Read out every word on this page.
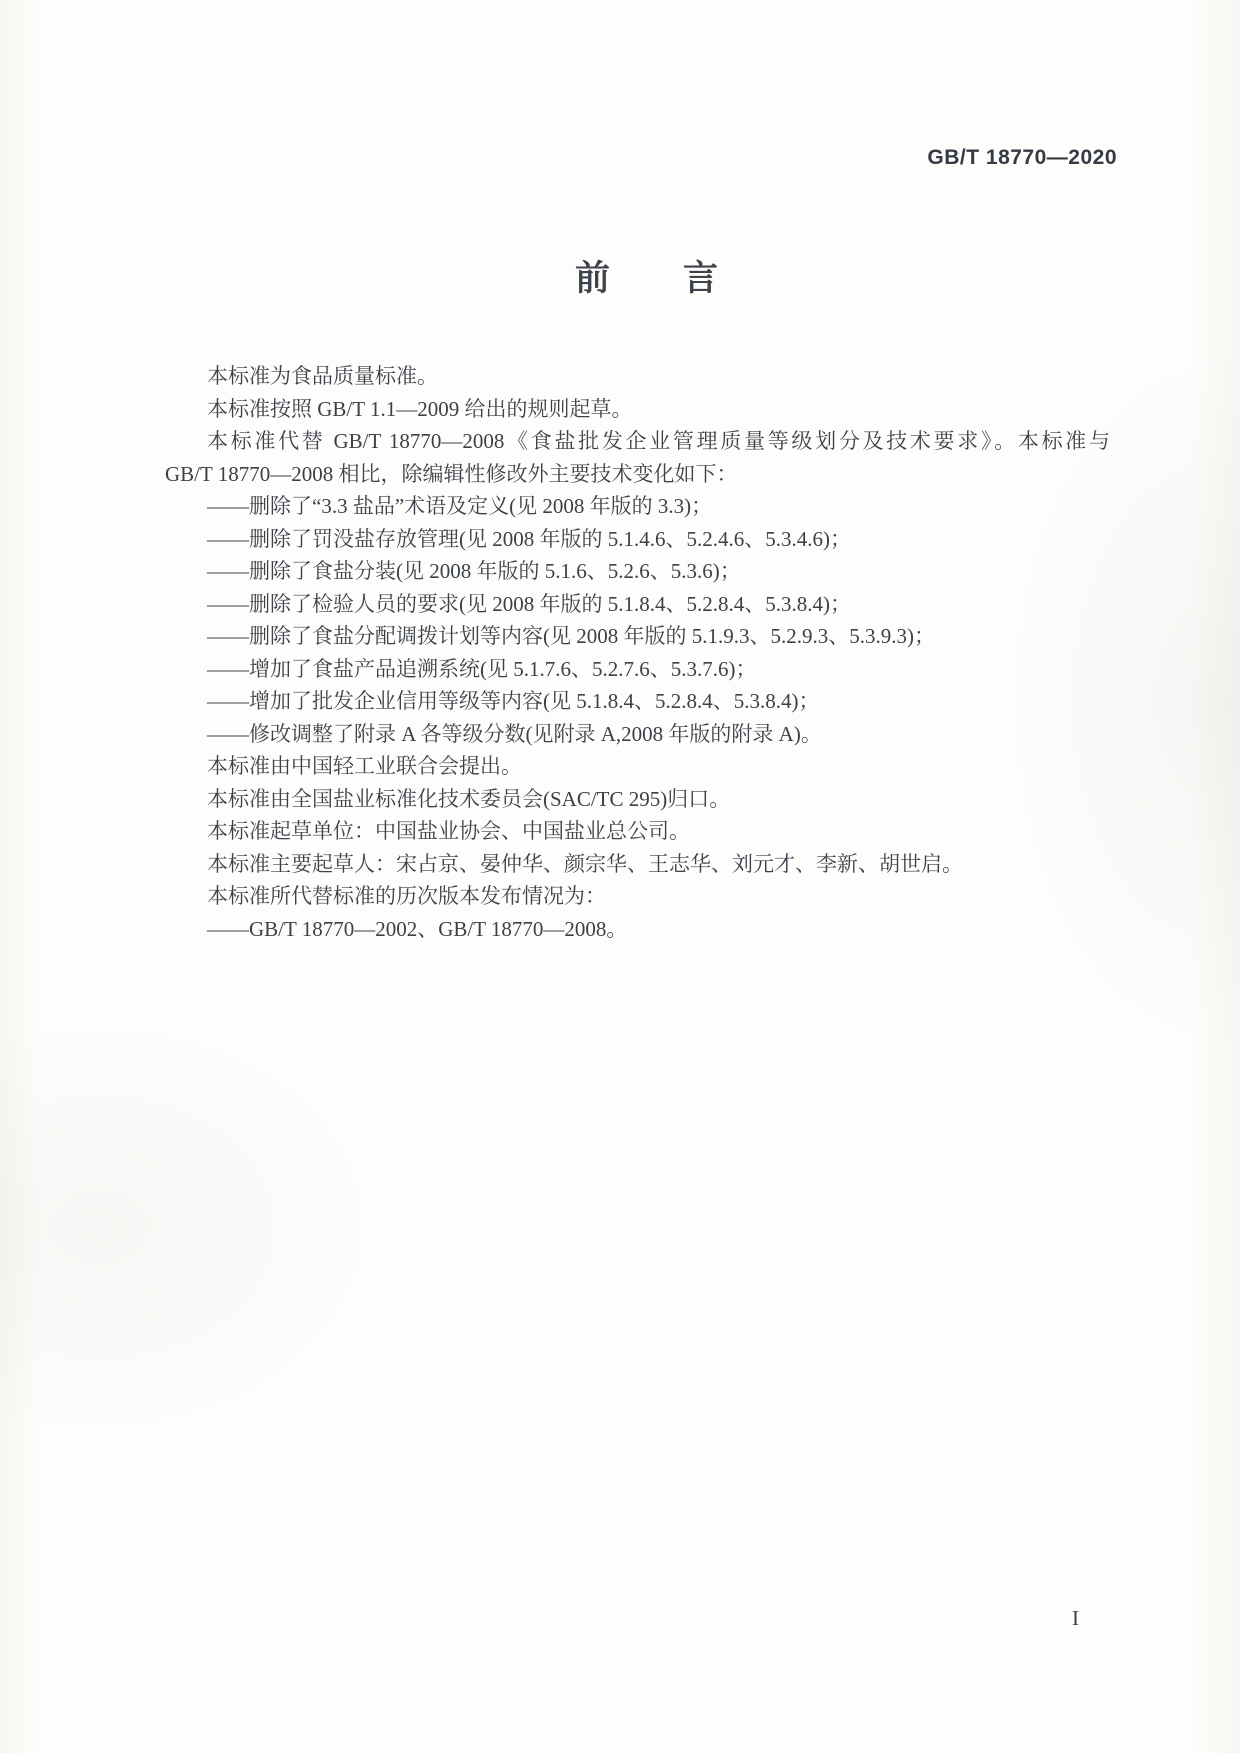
GB/T 18770—2020
前　　言
本标准为食品质量标准。
本标准按照 GB/T 1.1—2009 给出的规则起草。
本标准代替 GB/T 18770—2008《食盐批发企业管理质量等级划分及技术要求》。本标准与
GB/T 18770—2008 相比，除编辑性修改外主要技术变化如下：
——删除了“3.3 盐品”术语及定义(见 2008 年版的 3.3)；
——删除了罚没盐存放管理(见 2008 年版的 5.1.4.6、5.2.4.6、5.3.4.6)；
——删除了食盐分装(见 2008 年版的 5.1.6、5.2.6、5.3.6)；
——删除了检验人员的要求(见 2008 年版的 5.1.8.4、5.2.8.4、5.3.8.4)；
——删除了食盐分配调拨计划等内容(见 2008 年版的 5.1.9.3、5.2.9.3、5.3.9.3)；
——增加了食盐产品追溯系统(见 5.1.7.6、5.2.7.6、5.3.7.6)；
——增加了批发企业信用等级等内容(见 5.1.8.4、5.2.8.4、5.3.8.4)；
——修改调整了附录 A 各等级分数(见附录 A,2008 年版的附录 A)。
本标准由中国轻工业联合会提出。
本标准由全国盐业标准化技术委员会(SAC/TC 295)归口。
本标准起草单位：中国盐业协会、中国盐业总公司。
本标准主要起草人：宋占京、晏仲华、颜宗华、王志华、刘元才、李新、胡世启。
本标准所代替标准的历次版本发布情况为：
——GB/T 18770—2002、GB/T 18770—2008。
I
